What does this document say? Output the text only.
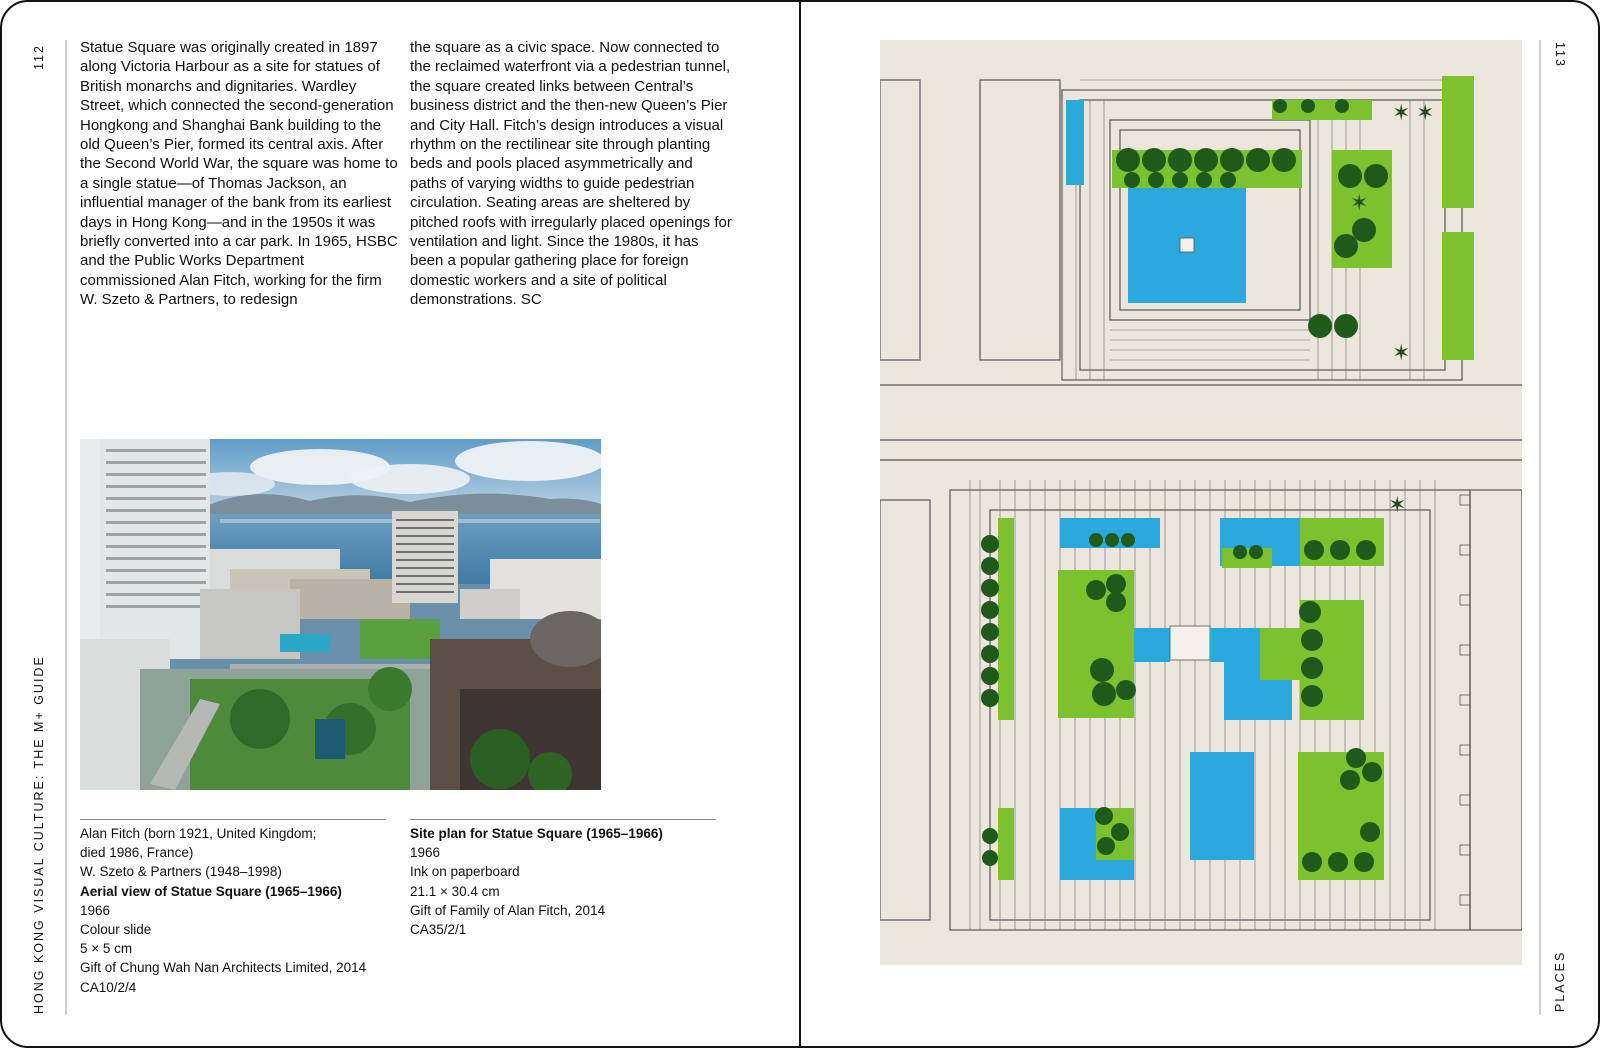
112
HONG KONG VISUAL CULTURE: THE M+ GUIDE

Statue Square was originally created in 1897 along Victoria Harbour as a site for statues of British monarchs and dignitaries. Wardley Street, which connected the second-generation Hongkong and Shanghai Bank building to the old Queen’s Pier, formed its central axis. After the Second World War, the square was home to a single statue—of Thomas Jackson, an influential manager of the bank from its earliest days in Hong Kong—and in the 1950s it was briefly converted into a car park. In 1965, HSBC and the Public Works Department commissioned Alan Fitch, working for the firm W. Szeto & Partners, to redesign

the square as a civic space. Now connected to the reclaimed waterfront via a pedestrian tunnel, the square created links between Central’s business district and the then-new Queen’s Pier and City Hall. Fitch’s design introduces a visual rhythm on the rectilinear site through planting beds and pools placed asymmetrically and paths of varying widths to guide pedestrian circulation. Seating areas are sheltered by pitched roofs with irregularly placed openings for ventilation and light. Since the 1980s, it has been a popular gathering place for foreign domestic workers and a site of political demonstrations. SC

Alan Fitch (born 1921, United Kingdom;
died 1986, France)
W. Szeto & Partners (1948–1998)
Aerial view of Statue Square (1965–1966)
1966
Colour slide
5 × 5 cm
Gift of Chung Wah Nan Architects Limited, 2014
CA10/2/4
Site plan for Statue Square (1965–1966)
1966
Ink on paperboard
21.1 × 30.4 cm
Gift of Family of Alan Fitch, 2014
CA35/2/1
✶ ✶
✶
✶
✶
113
PLACES
